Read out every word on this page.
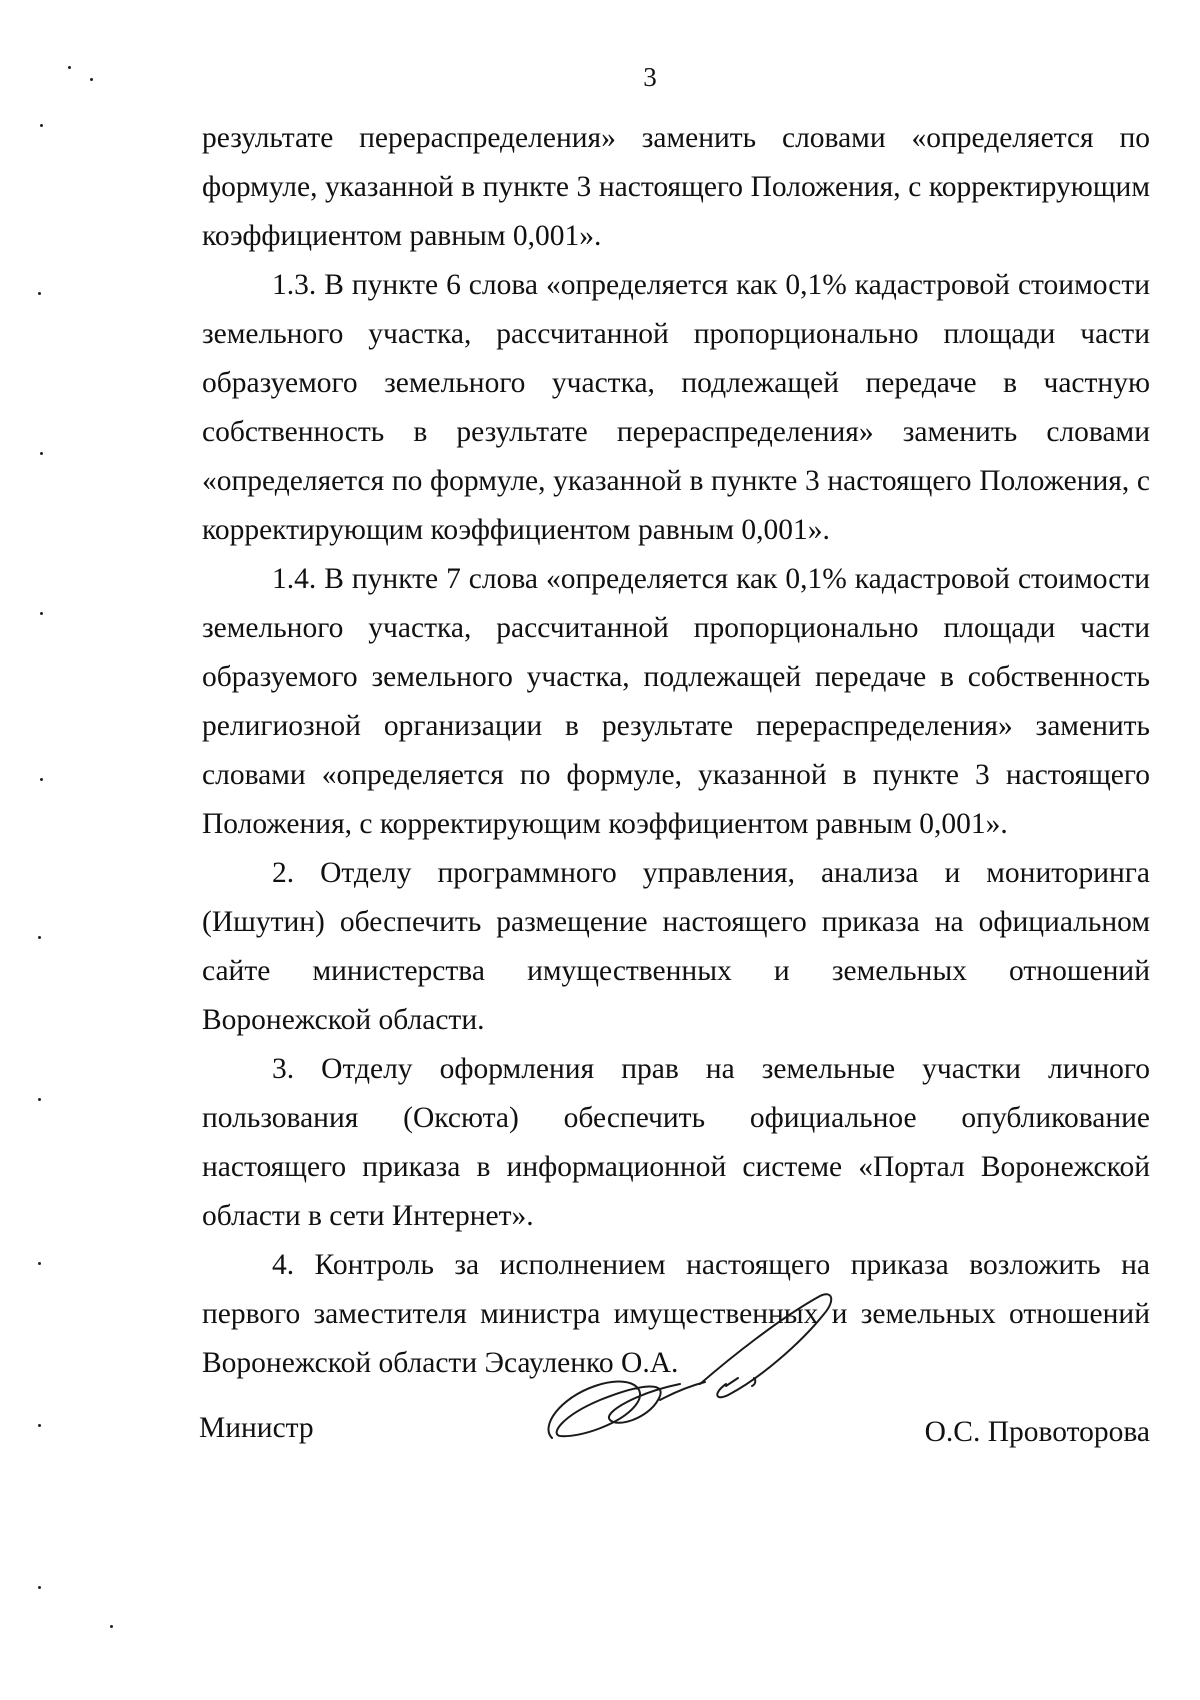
3

результате перераспределения» заменить словами «определяется по формуле, указанной в пункте 3 настоящего Положения, с корректирующим коэффициентом равным 0,001».

1.3. В пункте 6 слова «определяется как 0,1% кадастровой стоимости земельного участка, рассчитанной пропорционально площади части образуемого земельного участка, подлежащей передаче в частную собственность в результате перераспределения» заменить словами «определяется по формуле, указанной в пункте 3 настоящего Положения, с корректирующим коэффициентом равным 0,001».

1.4. В пункте 7 слова «определяется как 0,1% кадастровой стоимости земельного участка, рассчитанной пропорционально площади части образуемого земельного участка, подлежащей передаче в собственность религиозной организации в результате перераспределения» заменить словами «определяется по формуле, указанной в пункте 3 настоящего Положения, с корректирующим коэффициентом равным 0,001».

2. Отделу программного управления, анализа и мониторинга (Ишутин) обеспечить размещение настоящего приказа на официальном сайте министерства имущественных и земельных отношений Воронежской области.

3. Отделу оформления прав на земельные участки личного пользования (Оксюта) обеспечить официальное опубликование настоящего приказа в информационной системе «Портал Воронежской области в сети Интернет».

4. Контроль за исполнением настоящего приказа возложить на первого заместителя министра имущественных и земельных отношений Воронежской области Эсауленко О.А.

Министр	О.С. Провоторова
